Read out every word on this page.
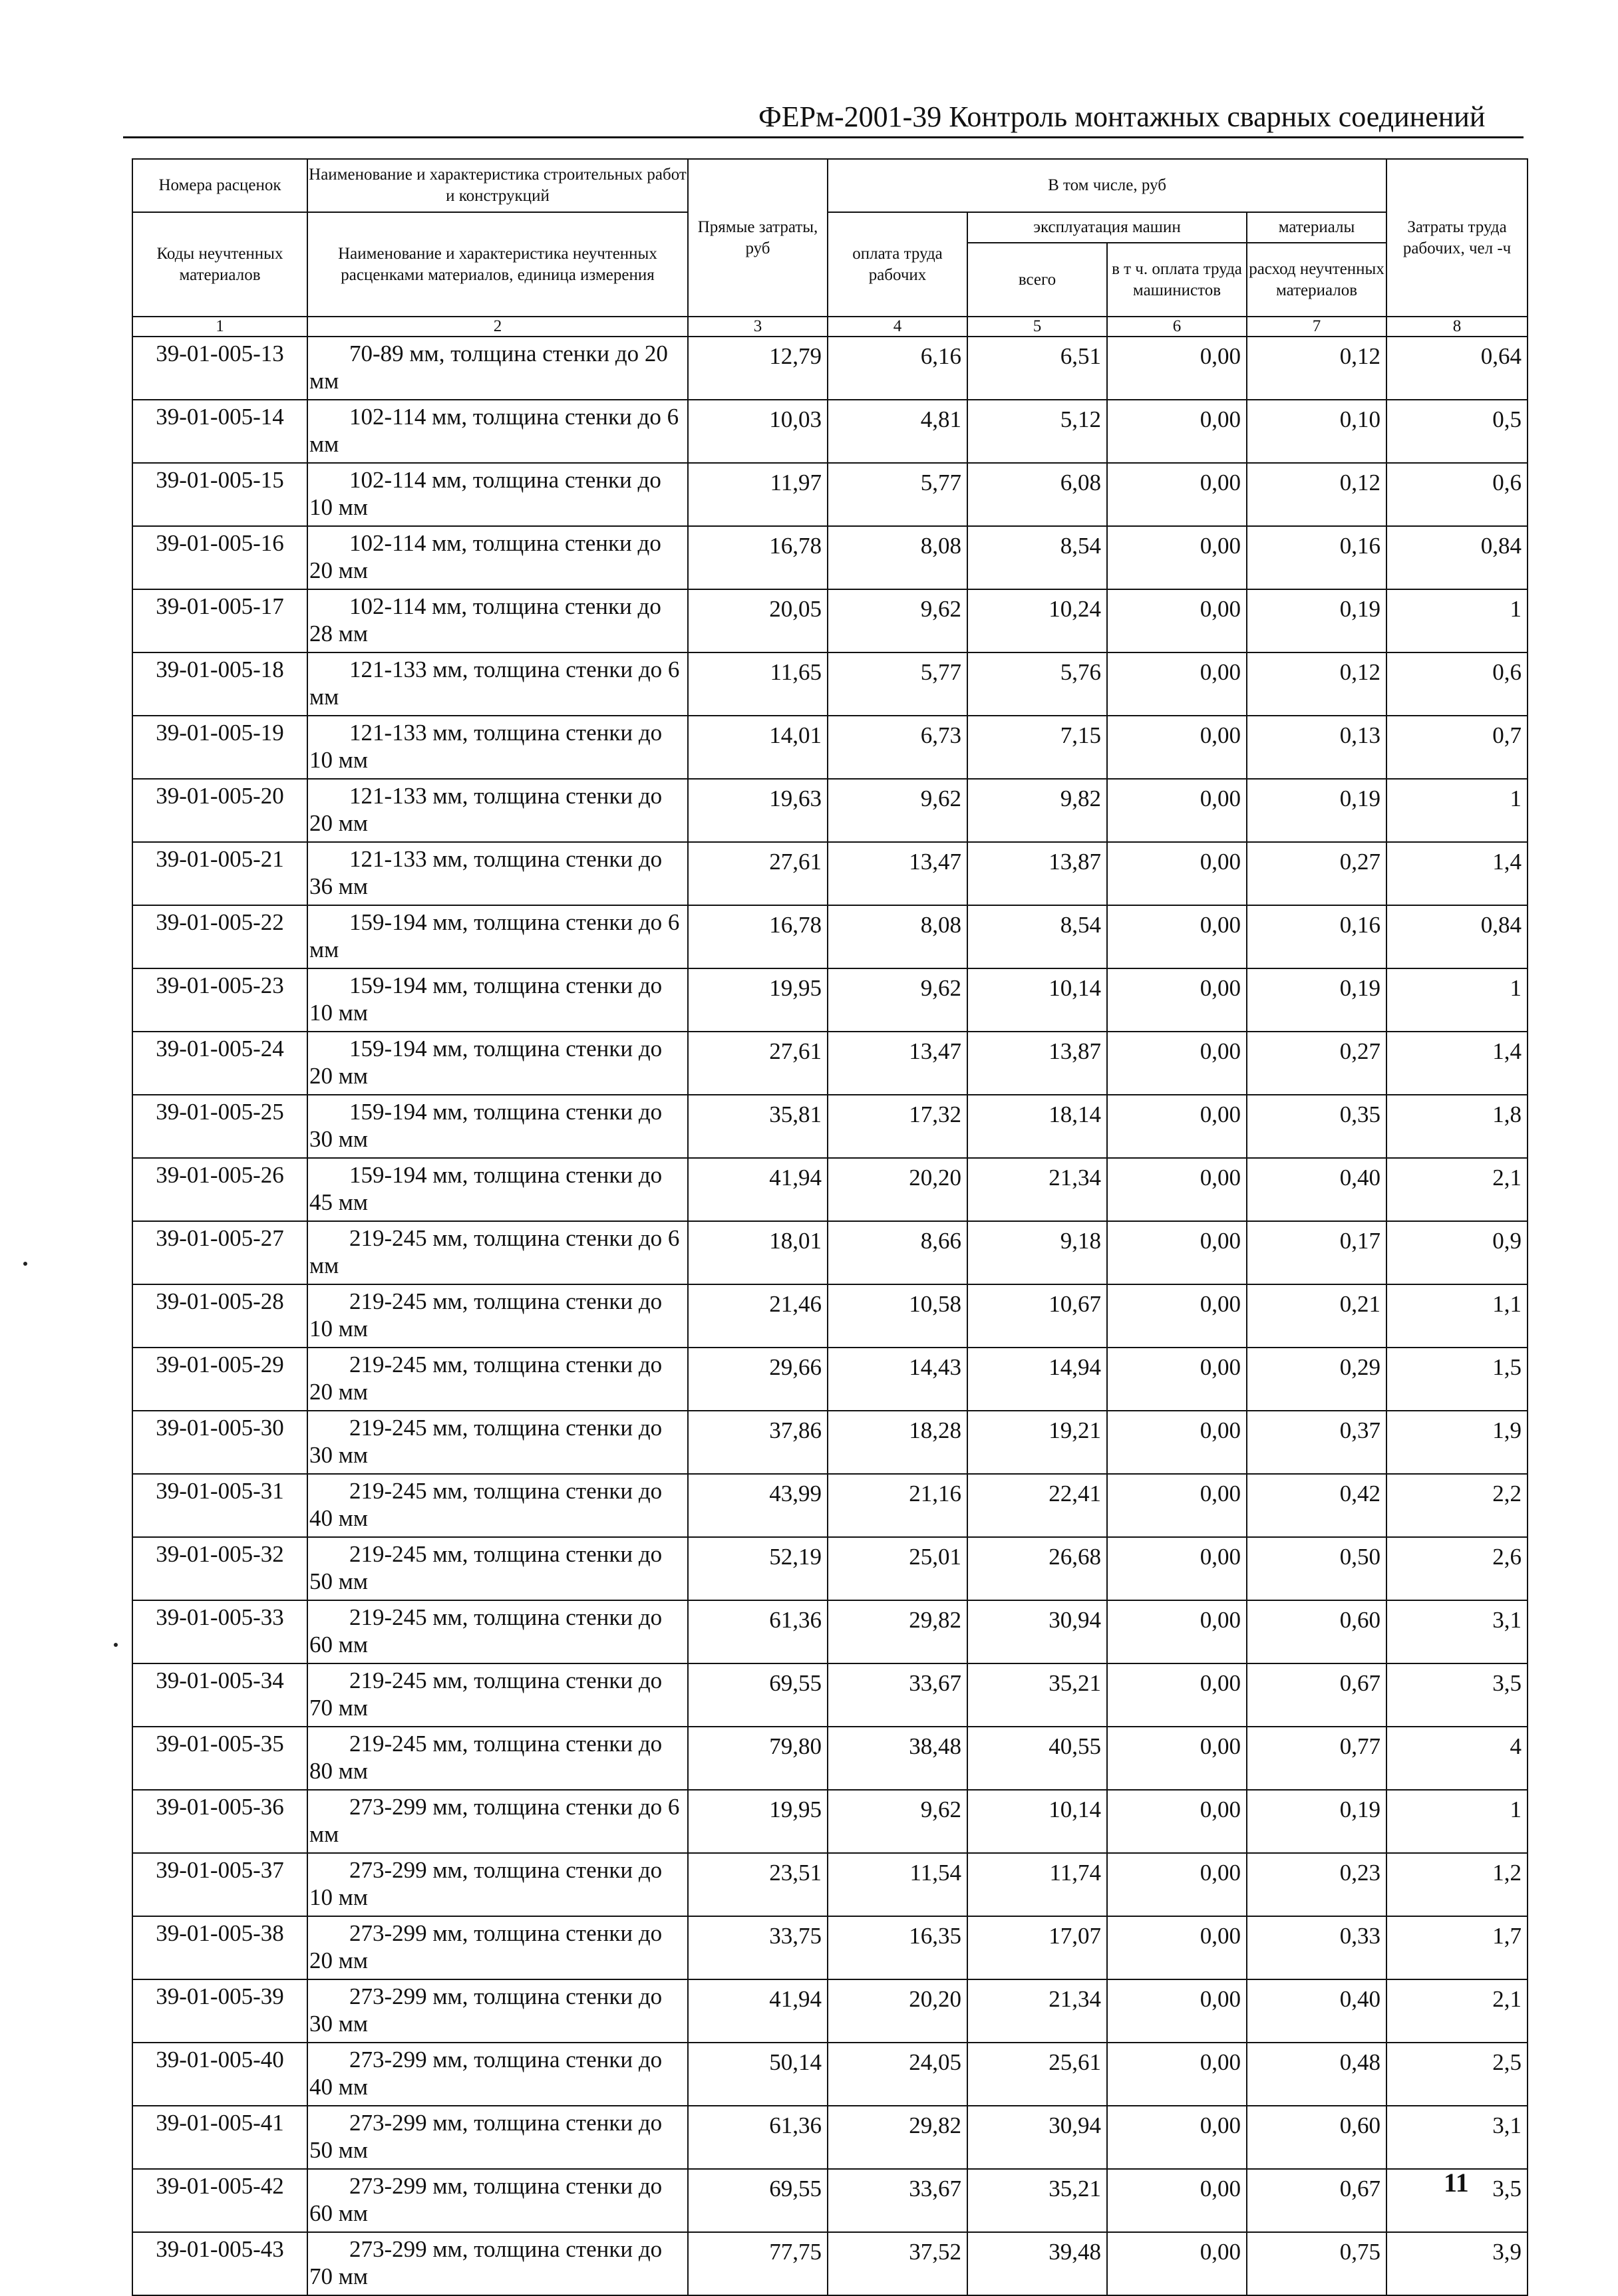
ФЕРм-2001-39 Контроль монтажных сварных соединений
Номера расценок	Наименование и характеристика строительных работ и конструкций	Прямые затраты, руб	В том числе, руб				Затраты труда рабочих, чел -ч
Коды неучтенных материалов	Наименование и характеристика неучтенных расценками материалов, единица измерения		оплата труда рабочих	эксплуатация машин		материалы	
				всего	в т ч. оплата труда машинистов	расход неучтенных материалов	
1	2	3	4	5	6	7	8
39-01-005-13	70-89 мм, толщина стенки до 20 мм	12,79	6,16	6,51	0,00	0,12	0,64
39-01-005-14	102-114 мм, толщина стенки до 6 мм	10,03	4,81	5,12	0,00	0,10	0,5
39-01-005-15	102-114 мм, толщина стенки до 10 мм	11,97	5,77	6,08	0,00	0,12	0,6
39-01-005-16	102-114 мм, толщина стенки до 20 мм	16,78	8,08	8,54	0,00	0,16	0,84
39-01-005-17	102-114 мм, толщина стенки до 28 мм	20,05	9,62	10,24	0,00	0,19	1
39-01-005-18	121-133 мм, толщина стенки до 6 мм	11,65	5,77	5,76	0,00	0,12	0,6
39-01-005-19	121-133 мм, толщина стенки до 10 мм	14,01	6,73	7,15	0,00	0,13	0,7
39-01-005-20	121-133 мм, толщина стенки до 20 мм	19,63	9,62	9,82	0,00	0,19	1
39-01-005-21	121-133 мм, толщина стенки до 36 мм	27,61	13,47	13,87	0,00	0,27	1,4
39-01-005-22	159-194 мм, толщина стенки до 6 мм	16,78	8,08	8,54	0,00	0,16	0,84
39-01-005-23	159-194 мм, толщина стенки до 10 мм	19,95	9,62	10,14	0,00	0,19	1
39-01-005-24	159-194 мм, толщина стенки до 20 мм	27,61	13,47	13,87	0,00	0,27	1,4
39-01-005-25	159-194 мм, толщина стенки до 30 мм	35,81	17,32	18,14	0,00	0,35	1,8
39-01-005-26	159-194 мм, толщина стенки до 45 мм	41,94	20,20	21,34	0,00	0,40	2,1
39-01-005-27	219-245 мм, толщина стенки до 6 мм	18,01	8,66	9,18	0,00	0,17	0,9
39-01-005-28	219-245 мм, толщина стенки до 10 мм	21,46	10,58	10,67	0,00	0,21	1,1
39-01-005-29	219-245 мм, толщина стенки до 20 мм	29,66	14,43	14,94	0,00	0,29	1,5
39-01-005-30	219-245 мм, толщина стенки до 30 мм	37,86	18,28	19,21	0,00	0,37	1,9
39-01-005-31	219-245 мм, толщина стенки до 40 мм	43,99	21,16	22,41	0,00	0,42	2,2
39-01-005-32	219-245 мм, толщина стенки до 50 мм	52,19	25,01	26,68	0,00	0,50	2,6
39-01-005-33	219-245 мм, толщина стенки до 60 мм	61,36	29,82	30,94	0,00	0,60	3,1
39-01-005-34	219-245 мм, толщина стенки до 70 мм	69,55	33,67	35,21	0,00	0,67	3,5
39-01-005-35	219-245 мм, толщина стенки до 80 мм	79,80	38,48	40,55	0,00	0,77	4
39-01-005-36	273-299 мм, толщина стенки до 6 мм	19,95	9,62	10,14	0,00	0,19	1
39-01-005-37	273-299 мм, толщина стенки до 10 мм	23,51	11,54	11,74	0,00	0,23	1,2
39-01-005-38	273-299 мм, толщина стенки до 20 мм	33,75	16,35	17,07	0,00	0,33	1,7
39-01-005-39	273-299 мм, толщина стенки до 30 мм	41,94	20,20	21,34	0,00	0,40	2,1
39-01-005-40	273-299 мм, толщина стенки до 40 мм	50,14	24,05	25,61	0,00	0,48	2,5
39-01-005-41	273-299 мм, толщина стенки до 50 мм	61,36	29,82	30,94	0,00	0,60	3,1
39-01-005-42	273-299 мм, толщина стенки до 60 мм	69,55	33,67	35,21	0,00	0,67	3,5
39-01-005-43	273-299 мм, толщина стенки до 70 мм	77,75	37,52	39,48	0,00	0,75	3,9
11
